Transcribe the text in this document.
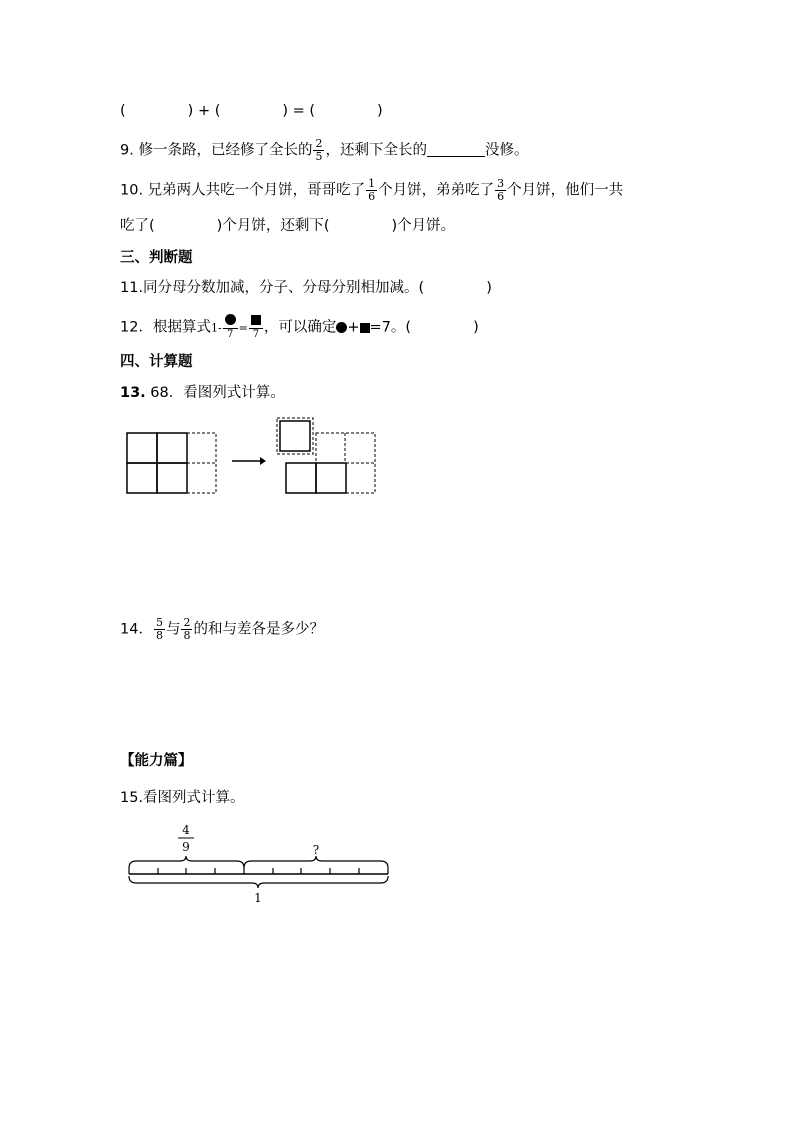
(	) + (	) = (	)
9. 修一条路，已经修了全长的 $\frac{2}{5}$ ，还剩下全长的	没修。
10. 兄弟两人共吃一个月饼，哥哥吃了 $\frac{1}{6}$ 个月饼，弟弟吃了 $\frac{3}{6}$ 个月饼，他们一共
吃了(	)个月饼，还剩下(	)个月饼。
三、判断题
11.同分母分数加减，分子、分母分别相加减。(	)
12．根据算式1- 7 = 7 ，可以确定 + =7。(	)
四、计算题
13. 68．看图列式计算。
14． $\frac{5}{8}$ 与 $\frac{2}{8}$ 的和与差各是多少？
【能力篇】
15.看图列式计算。
4
9	?
1
